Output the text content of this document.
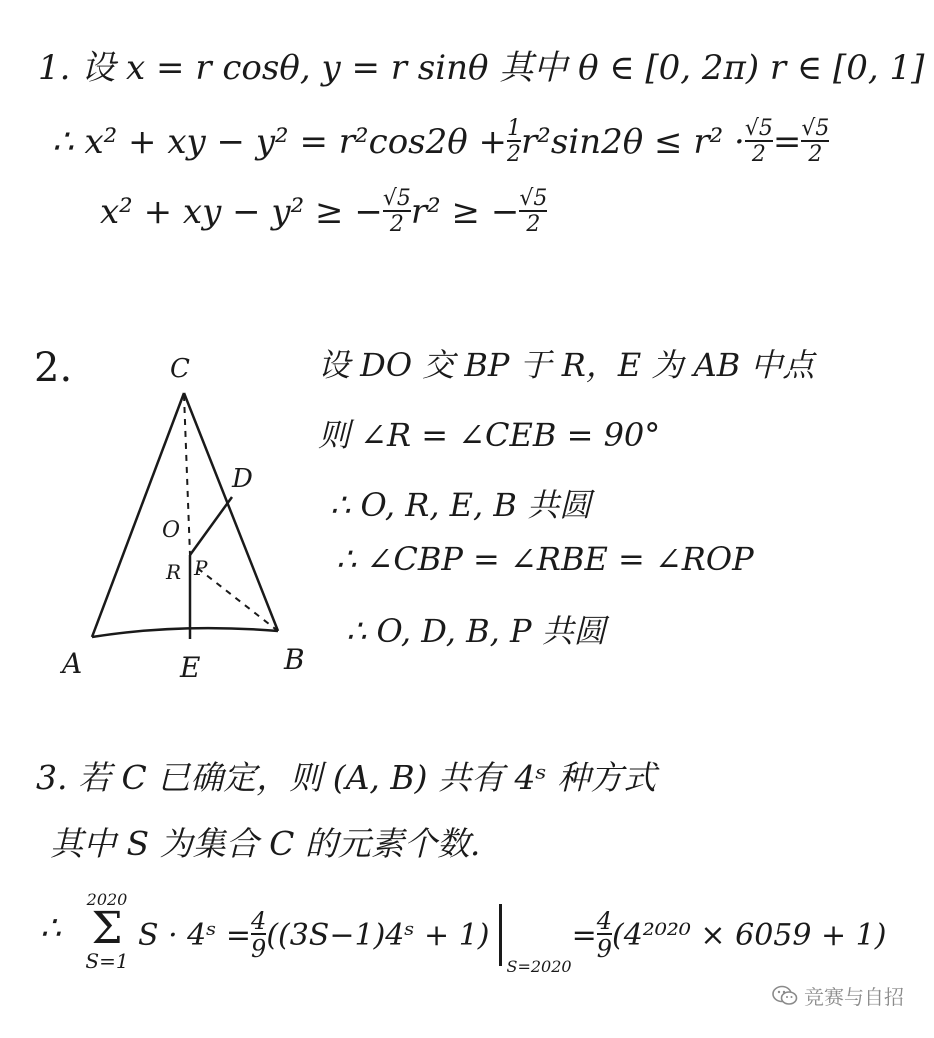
1. 设 x = r cosθ, y = r sinθ 其中 θ ∈ [0, 2π) r ∈ [0, 1]
∴ x² + xy − $y^2 = r^2\cos 2\theta + \frac{1}{2} r^2\sin 2\theta \le r^2 \cdot \frac{√5}{2} = \frac{√5}{2}$
x² + xy − y² ≥ − $\frac{√5}{2} r^2$ ≥ − $\frac{√5}{2}$
2.	C
D
O
R P
A	E	B
设 DO 交 BP 于 R，E 为 AB 中点
则 ∠R = ∠CEB = 90°
∴ O, R, E, B 共圆
∴ ∠CBP = ∠RBE = ∠ROP
∴ O, D, B, P 共圆
3. 若 C 已确定，则 (A, B) 共有 4ˢ 种方式
其中 S 为集合 C 的元素个数.
∴
2020
Σ
S=1
S · 4ˢ = $\frac{4}{9}$ ((3S−1)4ˢ + 1)
S=2020
= $\frac{4}{9} (4^{2020} \times 6059 + 1)$
竞赛与自招
